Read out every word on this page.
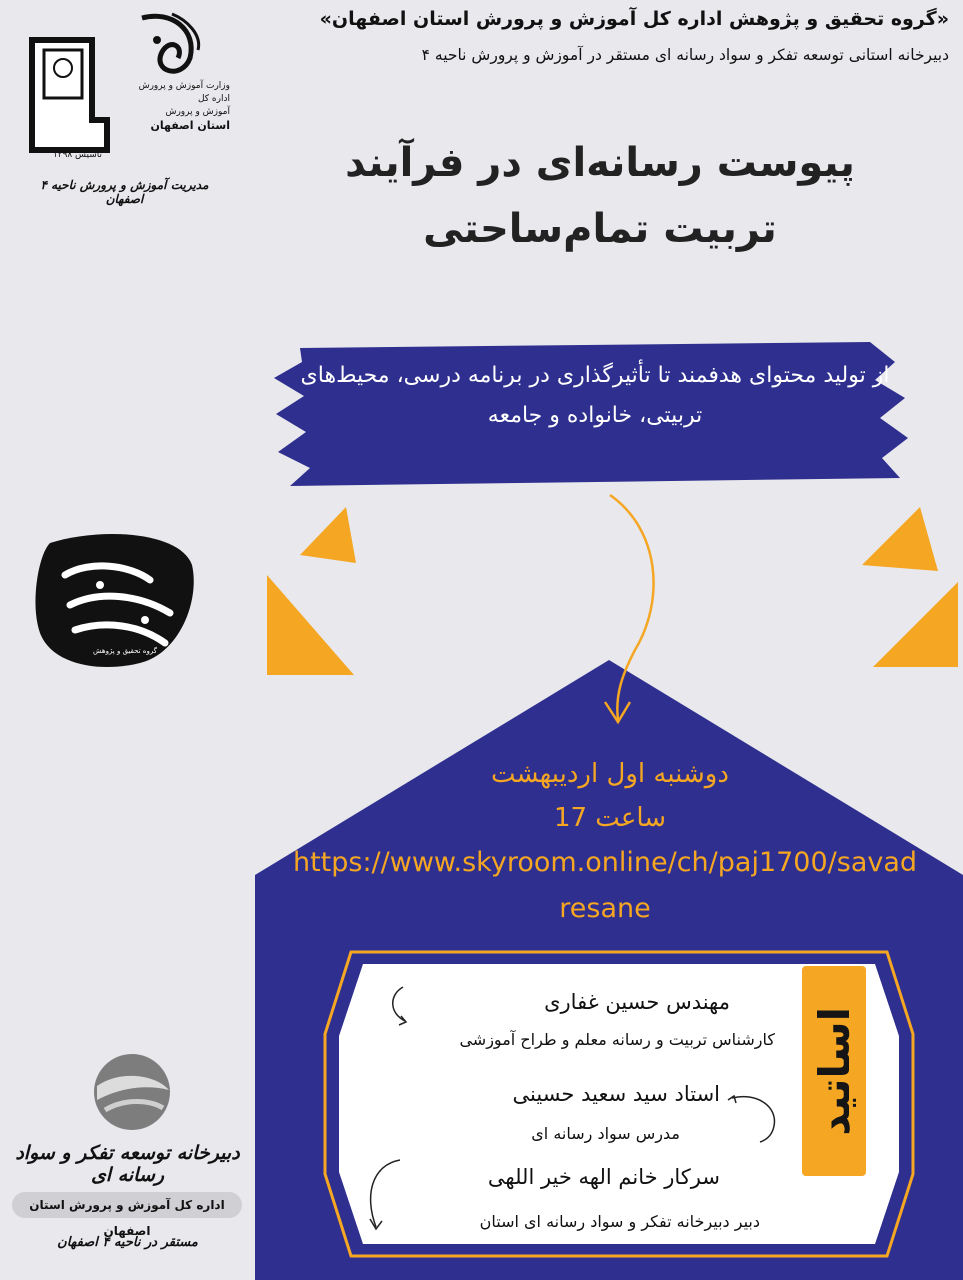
«گروه تحقیق و پژوهش اداره کل آموزش و پرورش استان اصفهان»
دبیرخانه استانی توسعه تفکر و سواد رسانه ای مستقر در آموزش و پرورش ناحیه ۴
وزارت آموزش و پرورش
اداره کل
آموزش و پرورش
استان اصفهان
تاسیس ۱۲۹۸
مدیریت آموزش و پرورش ناحیه ۴ اصفهان
پیوست رسانه‌ای در فرآیند
تربیت تمام‌ساحتی
از تولید محتوای هدفمند تا تأثیرگذاری در برنامه درسی، محیط‌های تربیتی، خانواده و جامعه
دوشنبه اول اردیبهشت
ساعت 17
https://www.skyroom.online/ch/paj1700/savadresane
اساتید
مهندس حسین غفاری
کارشناس تربیت و رسانه معلم و طراح آموزشی
استاد سید سعید حسینی
مدرس سواد رسانه ای
سرکار خانم الهه خیر اللهی
دبیر دبیرخانه تفکر و سواد رسانه ای استان
گروه تحقیق و پژوهش
دبیرخانه توسعه تفکر و سواد رسانه ای
اداره کل آموزش و پرورش استان اصفهان
مستقر در ناحیه ۴ اصفهان
